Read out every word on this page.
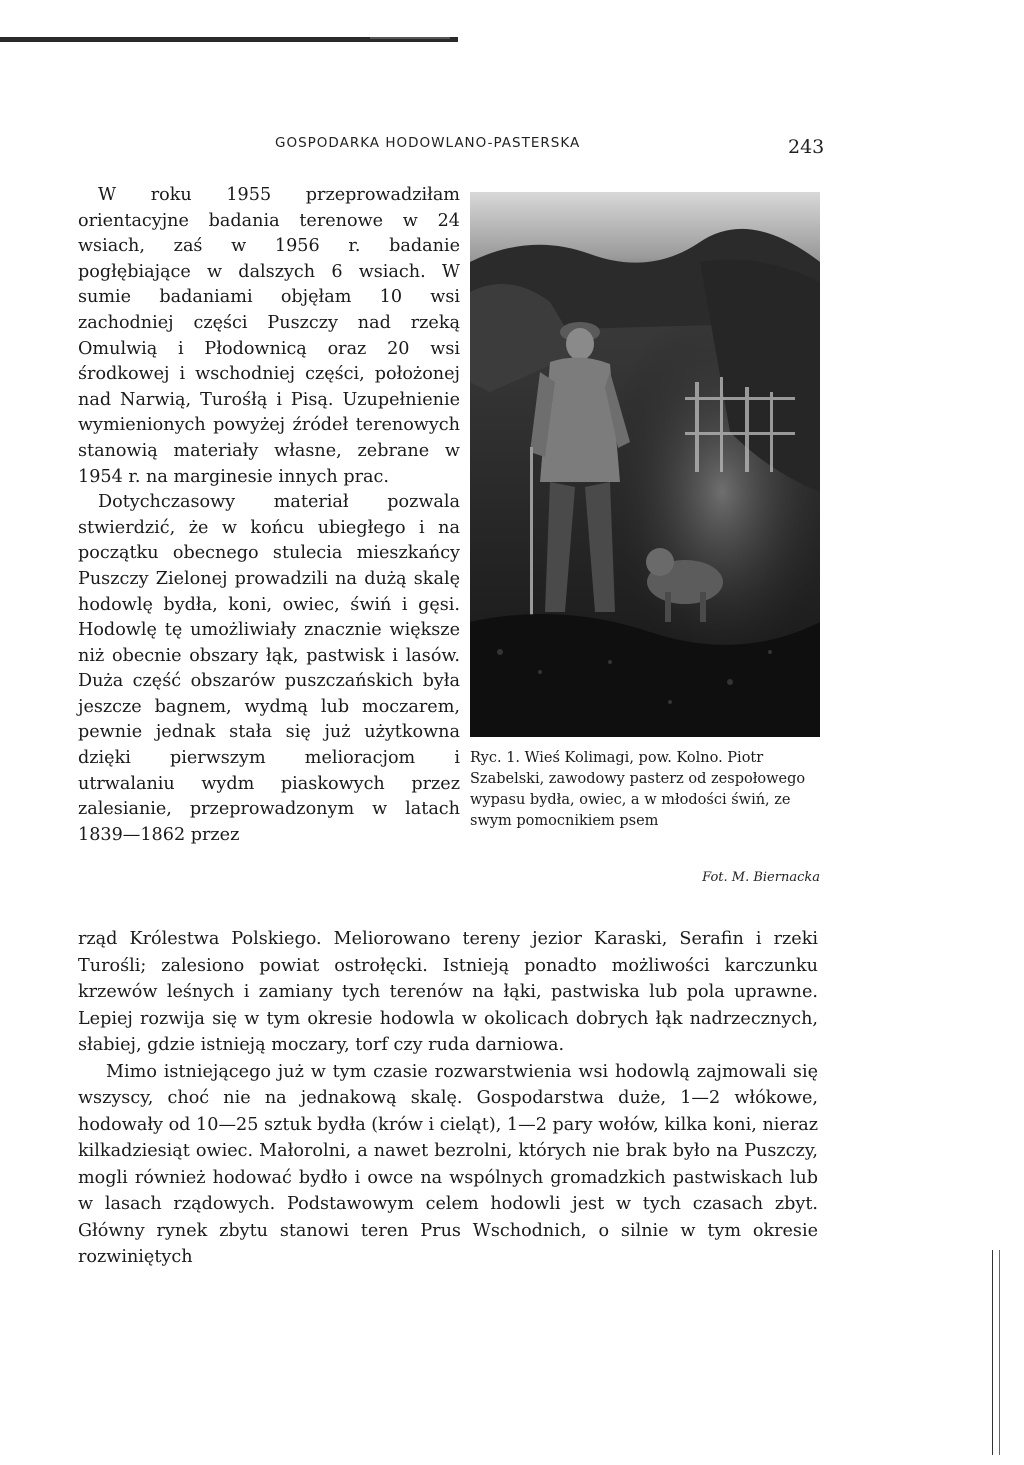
GOSPODARKA HODOWLANO-PASTERSKA	243

W roku 1955 przeprowadziłam orientacyjne badania terenowe w 24 wsiach, zaś w 1956 r. badanie pogłębiające w dalszych 6 wsiach. W sumie badaniami objęłam 10 wsi zachodniej części Puszczy nad rzeką Omulwią i Płodownicą oraz 20 wsi środkowej i wschodniej części, położonej nad Narwią, Turośłą i Pisą. Uzupełnienie wymienionych powyżej źródeł terenowych stanowią materiały własne, zebrane w 1954 r. na marginesie innych prac.

Dotychczasowy materiał pozwala stwierdzić, że w końcu ubiegłego i na początku obecnego stulecia mieszkańcy Puszczy Zielonej prowadzili na dużą skalę hodowlę bydła, koni, owiec, świń i gęsi. Hodowlę tę umożliwiały znacznie większe niż obecnie obszary łąk, pastwisk i lasów. Duża część obszarów puszczańskich była jeszcze bagnem, wydmą lub moczarem, pewnie jednak stała się już użytkowna dzięki pierwszym melioracjom i utrwalaniu wydm piaskowych przez zalesianie, przeprowadzonym w latach 1839—1862 przez

Ryc. 1. Wieś Kolimagi, pow. Kolno. Piotr Szabelski, zawodowy pasterz od zespołowego wypasu bydła, owiec, a w młodości świń, ze swym pomocnikiem psem
Fot. M. Biernacka

rząd Królestwa Polskiego. Meliorowano tereny jezior Karaski, Serafin i rzeki Turośli; zalesiono powiat ostrołęcki. Istnieją ponadto możliwości karczunku krzewów leśnych i zamiany tych terenów na łąki, pastwiska lub pola uprawne. Lepiej rozwija się w tym okresie hodowla w okolicach dobrych łąk nadrzecznych, słabiej, gdzie istnieją moczary, torf czy ruda darniowa.

Mimo istniejącego już w tym czasie rozwarstwienia wsi hodowlą zajmowali się wszyscy, choć nie na jednakową skalę. Gospodarstwa duże, 1—2 włókowe, hodowały od 10—25 sztuk bydła (krów i cieląt), 1—2 pary wołów, kilka koni, nieraz kilkadziesiąt owiec. Małorolni, a nawet bezrolni, których nie brak było na Puszczy, mogli również hodować bydło i owce na wspólnych gromadzkich pastwiskach lub w lasach rządowych. Podstawowym celem hodowli jest w tych czasach zbyt. Główny rynek zbytu stanowi teren Prus Wschodnich, o silnie w tym okresie rozwiniętych
